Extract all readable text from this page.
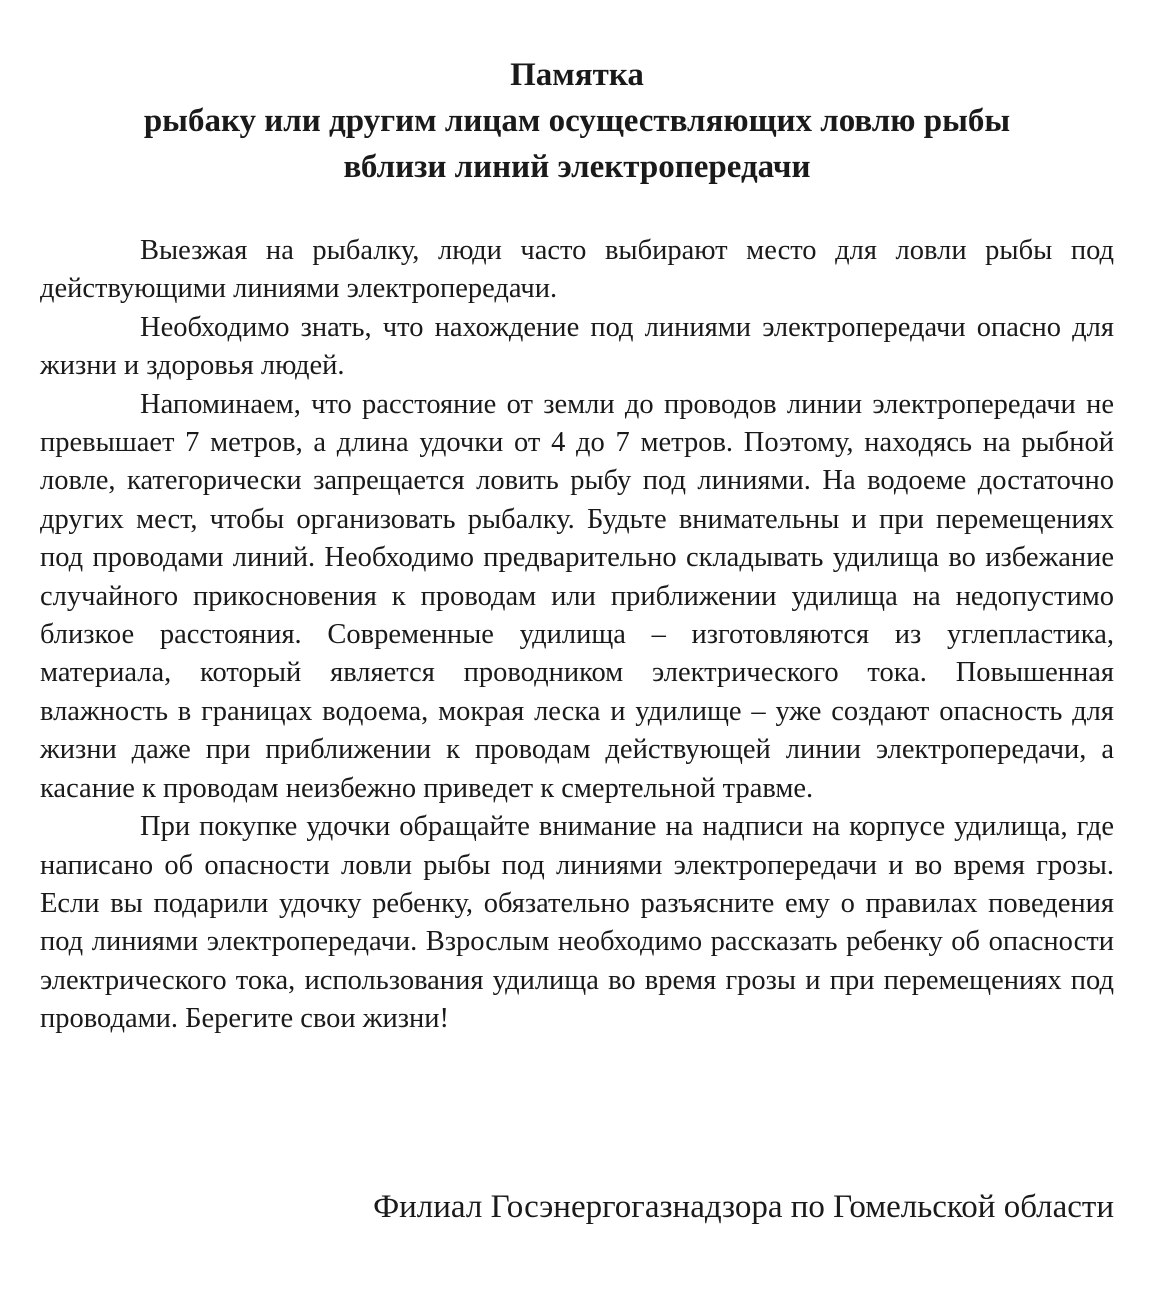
Памятка
рыбаку или другим лицам осуществляющих ловлю рыбы
вблизи линий электропередачи

Выезжая на рыбалку, люди часто выбирают место для ловли рыбы под действующими линиями электропередачи.

Необходимо знать, что нахождение под линиями электропередачи опасно для жизни и здоровья людей.

Напоминаем, что расстояние от земли до проводов линии электропередачи не превышает 7 метров, а длина удочки от 4 до 7 метров. Поэтому, находясь на рыбной ловле, категорически запрещается ловить рыбу под линиями. На водоеме достаточно других мест, чтобы организовать рыбалку. Будьте внимательны и при перемещениях под проводами линий. Необходимо предварительно складывать удилища во избежание случайного прикосновения к проводам или приближении удилища на недопустимо близкое расстояния. Современные удилища – изготовляются из углепластика, материала, который является проводником электрического тока. Повышенная влажность в границах водоема, мокрая леска и удилище – уже создают опасность для жизни даже при приближении к проводам действующей линии электропередачи, а касание к проводам неизбежно приведет к смертельной травме.

При покупке удочки обращайте внимание на надписи на корпусе удилища, где написано об опасности ловли рыбы под линиями электропередачи и во время грозы. Если вы подарили удочку ребенку, обязательно разъясните ему о правилах поведения под линиями электропередачи. Взрослым необходимо рассказать ребенку об опасности электрического тока, использования удилища во время грозы и при перемещениях под проводами. Берегите свои жизни!

Филиал Госэнергогазнадзора по Гомельской области
